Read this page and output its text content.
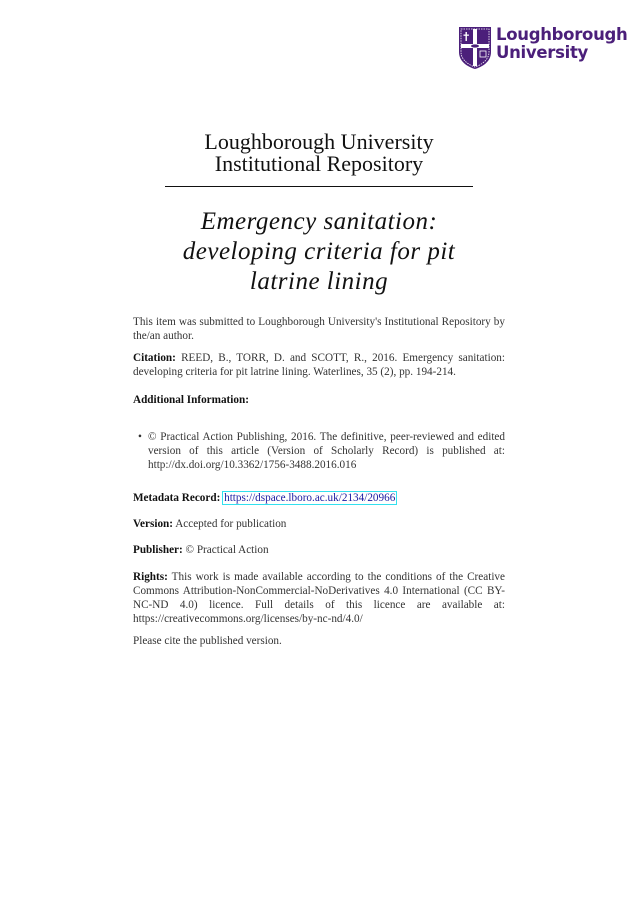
Loughborough
University
Loughborough University
Institutional Repository
Emergency sanitation:
developing criteria for pit
latrine lining
This item was submitted to Loughborough University's Institutional Repository by the/an author.
Citation: REED, B., TORR, D. and SCOTT, R., 2016. Emergency sanitation: developing criteria for pit latrine lining. Waterlines, 35 (2), pp. 194-214.
Additional Information:
• © Practical Action Publishing, 2016. The definitive, peer-reviewed and edited version of this article (Version of Scholarly Record) is published at: http://dx.doi.org/10.3362/1756-3488.2016.016
Metadata Record: https://dspace.lboro.ac.uk/2134/20966
Version: Accepted for publication
Publisher: © Practical Action
Rights: This work is made available according to the conditions of the Creative Commons Attribution-NonCommercial-NoDerivatives 4.0 International (CC BY-NC-ND 4.0) licence. Full details of this licence are available at: https://creativecommons.org/licenses/by-nc-nd/4.0/
Please cite the published version.
